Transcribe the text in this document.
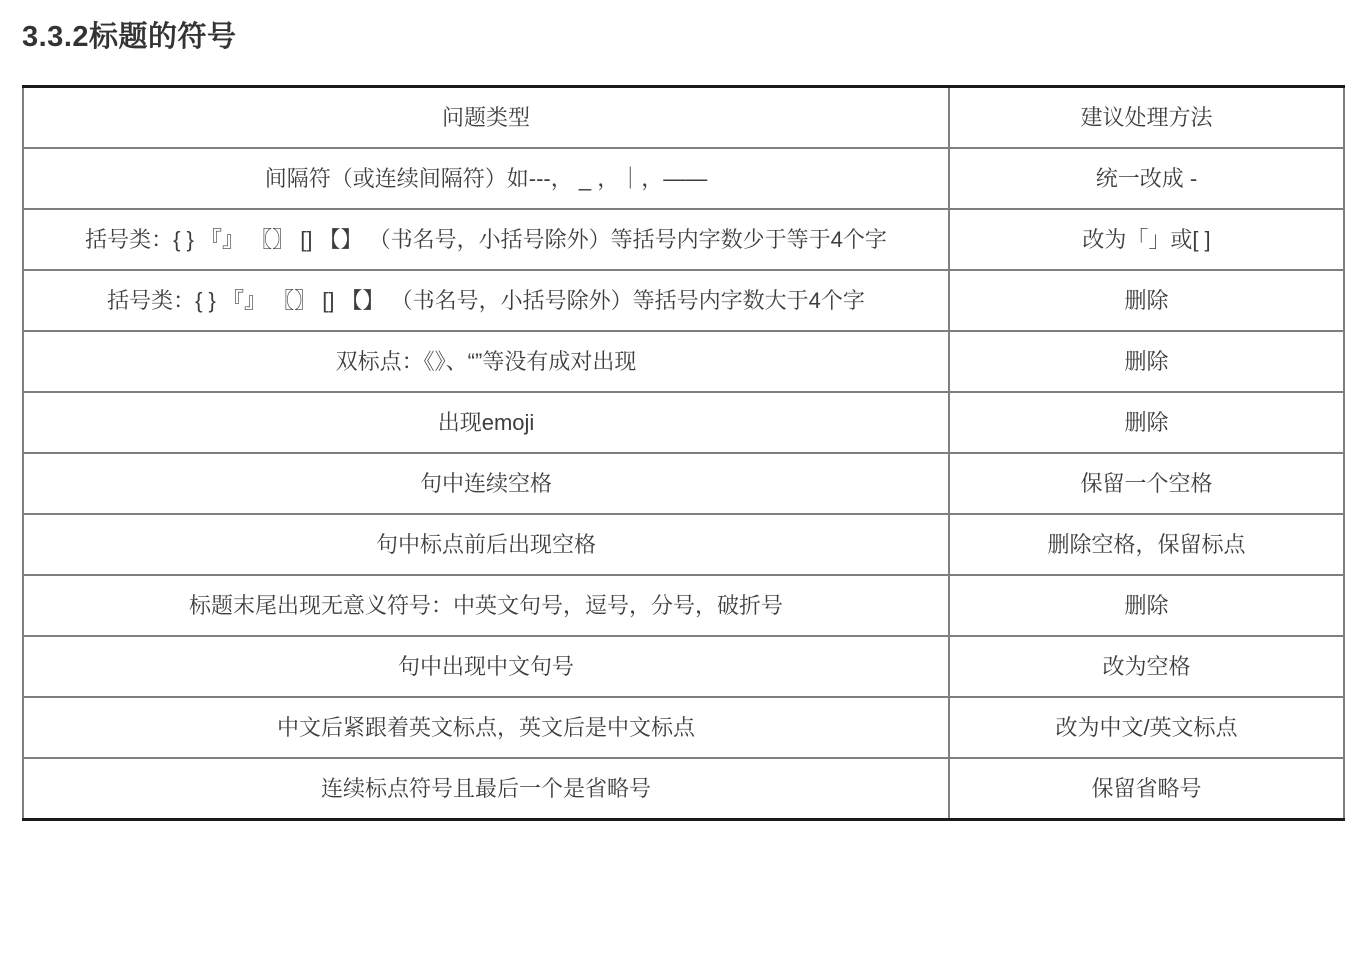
3.3.2标题的符号
问题类型	建议处理方法
间隔符（或连续间隔符）如---， _ ，｜，——	统一改成 -
括号类：{ } 『』 〖〗 [] 【】 （书名号，小括号除外）等括号内字数少于等于4个字	改为「」或[ ]
括号类：{ } 『』 〖〗 [] 【】 （书名号，小括号除外）等括号内字数大于4个字	删除
双标点：《》、“”等没有成对出现	删除
出现emoji	删除
句中连续空格	保留一个空格
句中标点前后出现空格	删除空格，保留标点
标题末尾出现无意义符号：中英文句号，逗号，分号，破折号	删除
句中出现中文句号	改为空格
中文后紧跟着英文标点，英文后是中文标点	改为中文/英文标点
连续标点符号且最后一个是省略号	保留省略号
